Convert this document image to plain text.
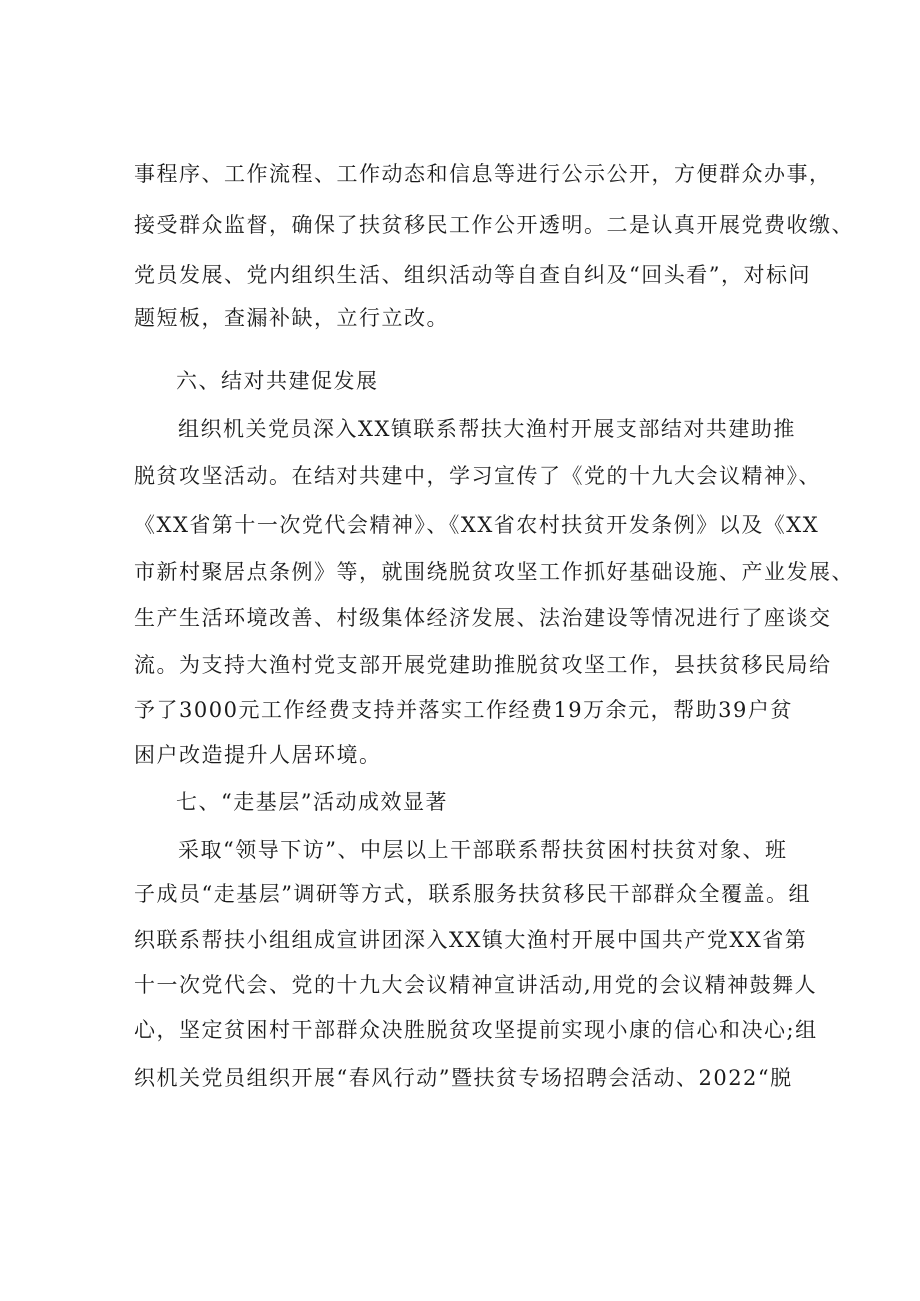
事程序、工作流程、工作动态和信息等进行公示公开，方便群众办事，
接受群众监督，确保了扶贫移民工作公开透明。二是认真开展党费收缴、
党员发展、党内组织生活、组织活动等自查自纠及“回头看”，对标问
题短板，查漏补缺，立行立改。
六、结对共建促发展
组织机关党员深入XX镇联系帮扶大渔村开展支部结对共建助推
脱贫攻坚活动。在结对共建中，学习宣传了《党的十九大会议精神》、
《XX省第十一次党代会精神》、《XX省农村扶贫开发条例》以及《XX
市新村聚居点条例》等，就围绕脱贫攻坚工作抓好基础设施、产业发展、
生产生活环境改善、村级集体经济发展、法治建设等情况进行了座谈交
流。为支持大渔村党支部开展党建助推脱贫攻坚工作，县扶贫移民局给
予了3000元工作经费支持并落实工作经费19万余元，帮助39户贫
困户改造提升人居环境。
七、“走基层”活动成效显著
采取“领导下访”、中层以上干部联系帮扶贫困村扶贫对象、班
子成员“走基层”调研等方式，联系服务扶贫移民干部群众全覆盖。组
织联系帮扶小组组成宣讲团深入XX镇大渔村开展中国共产党XX省第
十一次党代会、党的十九大会议精神宣讲活动,用党的会议精神鼓舞人
心，坚定贫困村干部群众决胜脱贫攻坚提前实现小康的信心和决心;组
织机关党员组织开展“春风行动”暨扶贫专场招聘会活动、2022“脱
